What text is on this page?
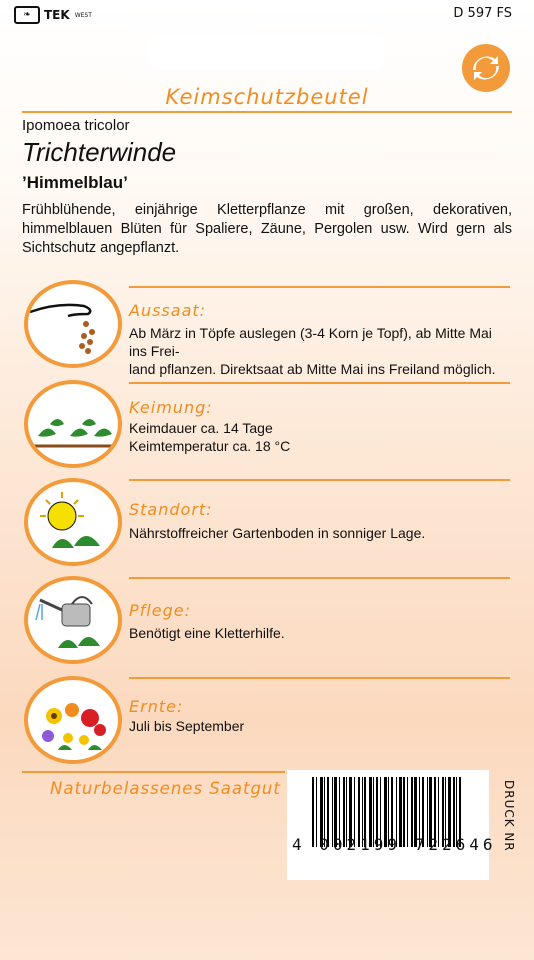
❧	TEK WEST	D 597 FS
Keimschutzbeutel
Ipomoea tricolor
Trichterwinde
’Himmelblau’
Frühblühende, einjährige Kletterpflanze mit großen, dekorativen, himmelblauen Blüten für Spaliere, Zäune, Pergolen usw. Wird gern als Sichtschutz angepflanzt.
Aussaat:
Ab März in Töpfe auslegen (3-4 Korn je Topf), ab Mitte Mai ins Frei-
land pflanzen. Direktsaat ab Mitte Mai ins Freiland möglich.
Keimung:
Keimdauer ca. 14 Tage
Keimtemperatur ca. 18 °C
Standort:
Nährstoffreicher Gartenboden in sonniger Lage.
Pflege:
Benötigt eine Kletterhilfe.
Ernte:
Juli bis September
Naturbelassenes Saatgut
4 002199 722646 DRUCK NR
